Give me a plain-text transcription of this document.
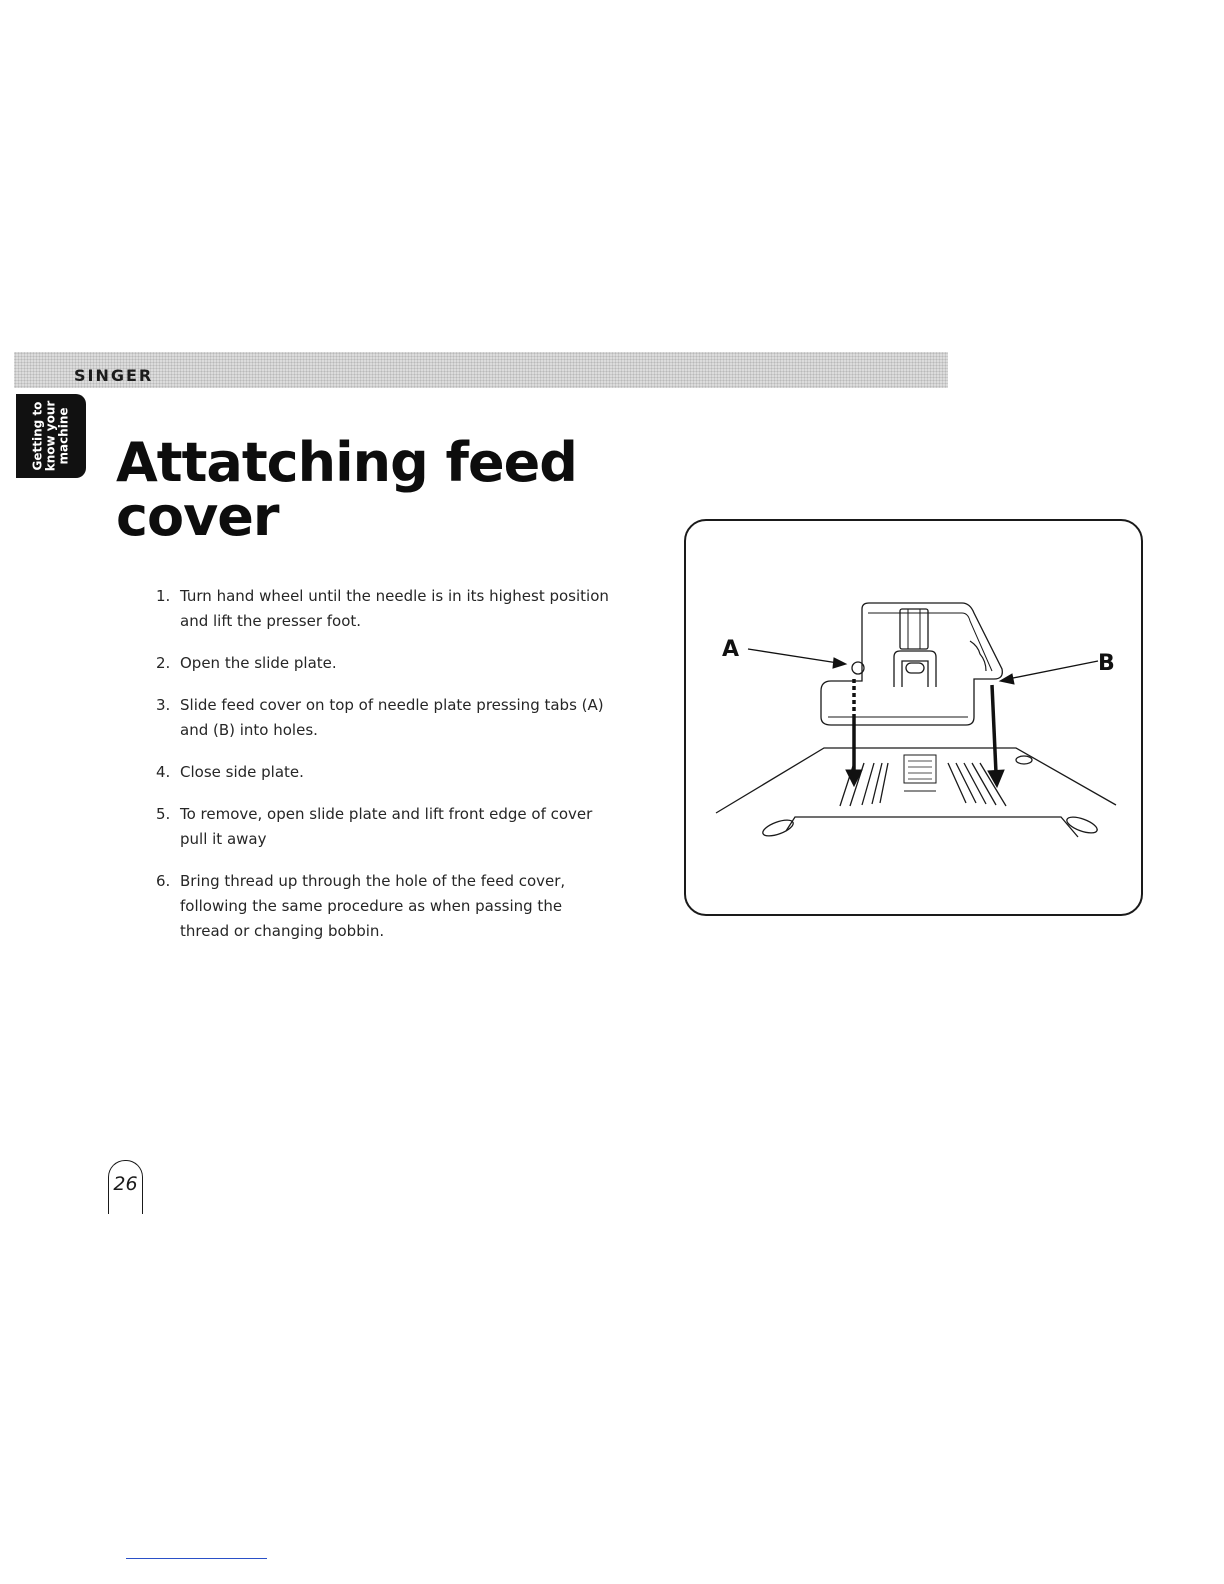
SINGER
Getting to know your machine Attatching feed cover
1. Turn hand wheel until the needle is in its highest position and lift the presser foot.
2. Open the slide plate.
3. Slide feed cover on top of needle plate pressing tabs (A) and (B) into holes.
4. Close side plate.
5. To remove, open slide plate and lift front edge of cover pull it away
6. Bring thread up through the hole of the feed cover, following the same procedure as when passing the thread or changing bobbin.
A
B
26
